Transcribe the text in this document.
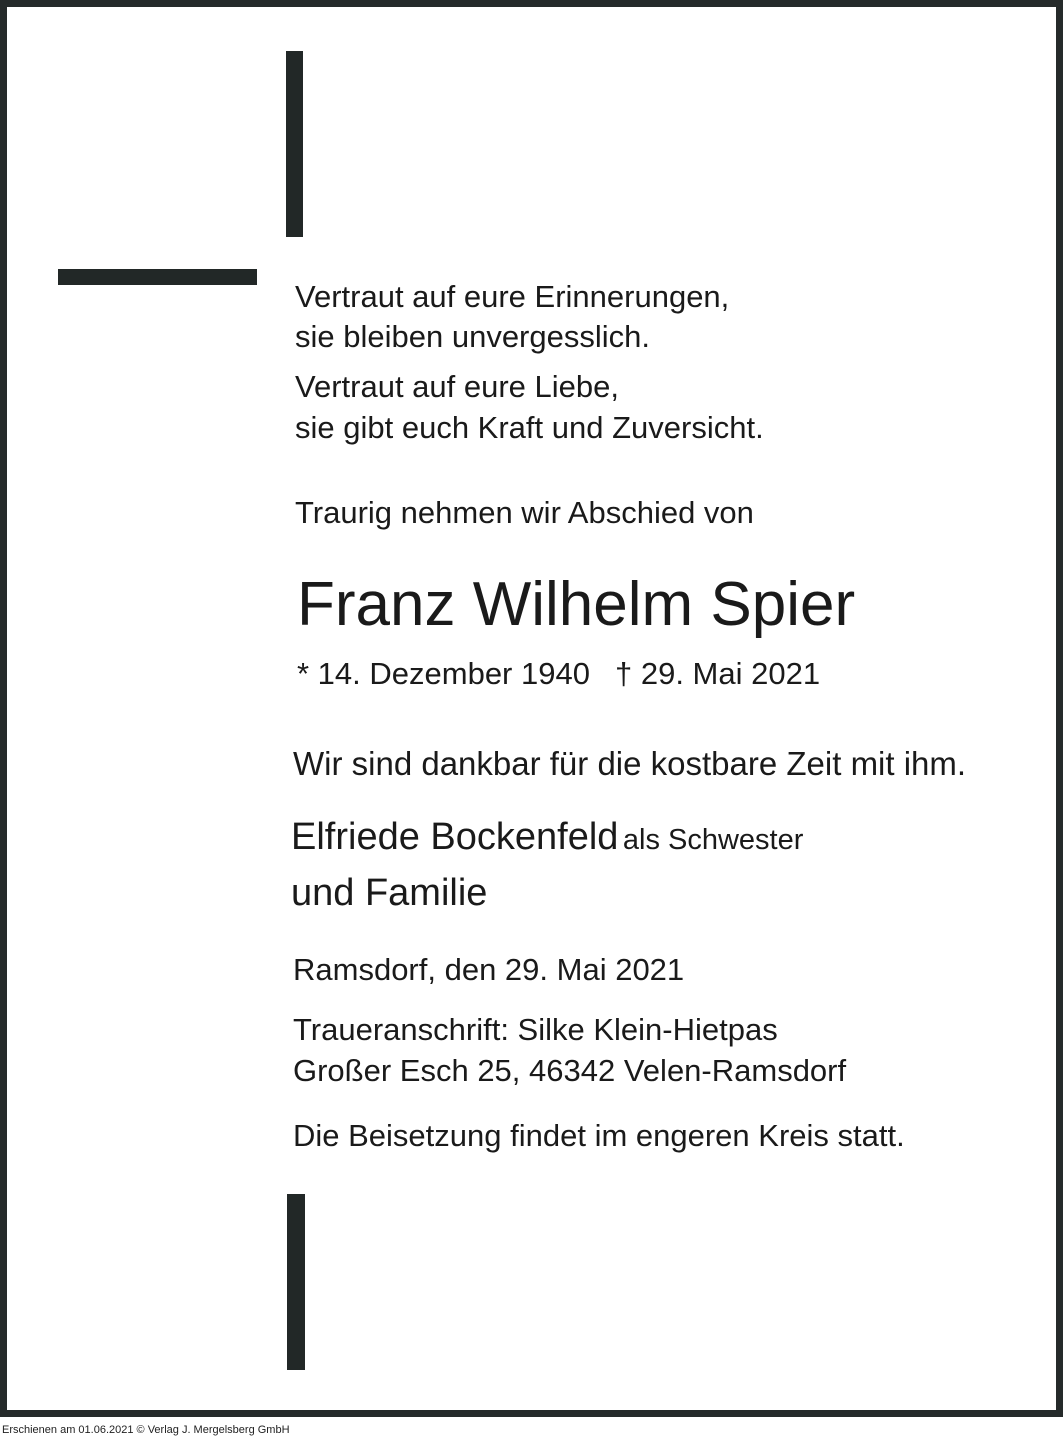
Vertraut auf eure Erinnerungen,
sie bleiben unvergesslich.
Vertraut auf eure Liebe,
sie gibt euch Kraft und Zuversicht.
Traurig nehmen wir Abschied von
Franz Wilhelm Spier
* 14. Dezember 1940 † 29. Mai 2021
Wir sind dankbar für die kostbare Zeit mit ihm.
Elfriede Bockenfeld als Schwester
und Familie
Ramsdorf, den 29. Mai 2021
Traueranschrift: Silke Klein-Hietpas
Großer Esch 25, 46342 Velen-Ramsdorf
Die Beisetzung findet im engeren Kreis statt.
Erschienen am 01.06.2021 © Verlag J. Mergelsberg GmbH
